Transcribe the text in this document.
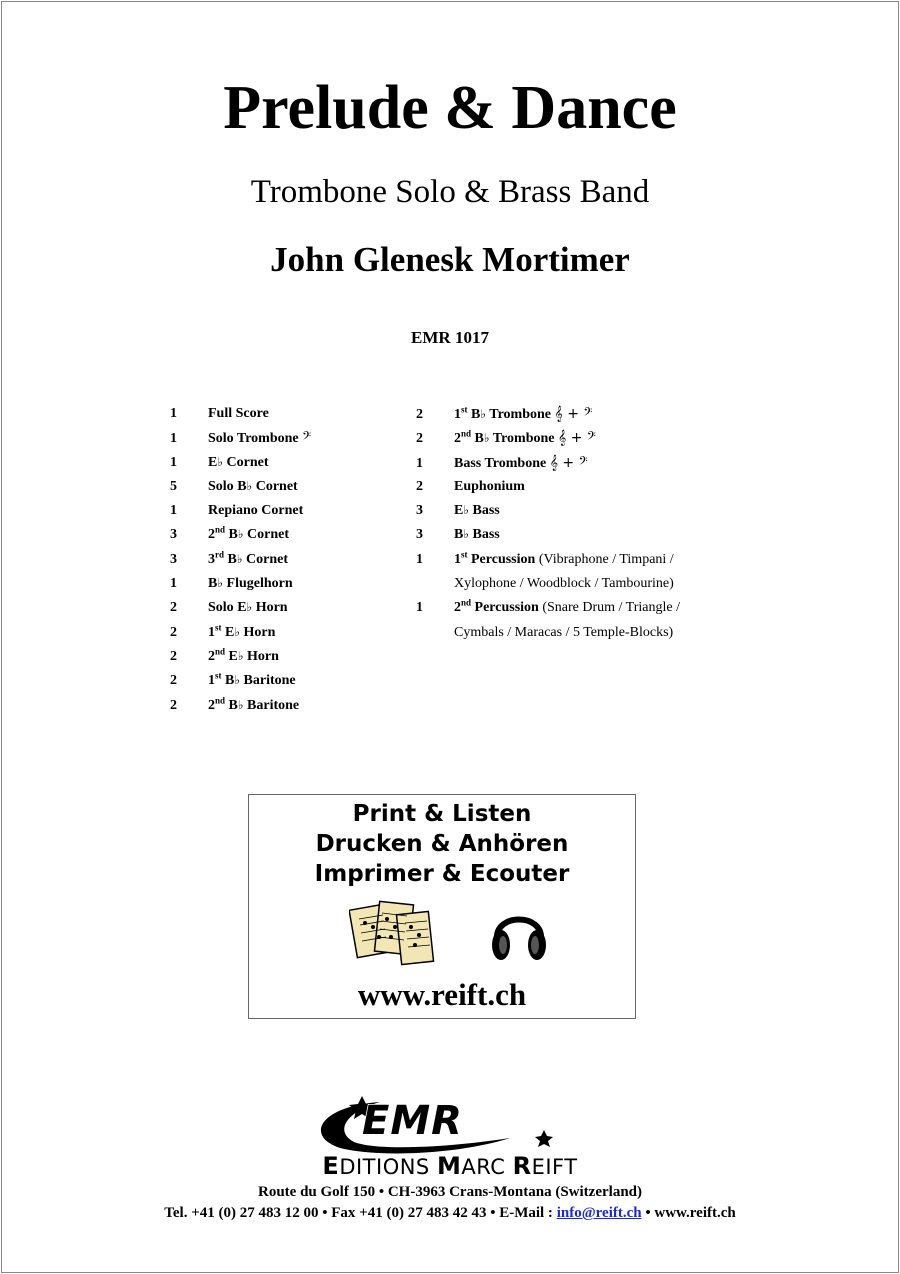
Prelude & Dance
Trombone Solo & Brass Band
John Glenesk Mortimer
EMR 1017
1	Full Score
1	Solo Trombone 𝄢
1	E♭ Cornet
5	Solo B♭ Cornet
1	Repiano Cornet
3	2nd B♭ Cornet
3	3rd B♭ Cornet
1	B♭ Flugelhorn
2	Solo E♭ Horn
2	1st E♭ Horn
2	2nd E♭ Horn
2	1st B♭ Baritone
2	2nd B♭ Baritone
2	1st B♭ Trombone 𝄞 + 𝄢
2	2nd B♭ Trombone 𝄞 + 𝄢
1	Bass Trombone 𝄞 + 𝄢
2	Euphonium
3	E♭ Bass
3	B♭ Bass
1	1st Percussion (Vibraphone / Timpani /
Xylophone / Woodblock / Tambourine)
1	2nd Percussion (Snare Drum / Triangle /
Cymbals / Maracas / 5 Temple-Blocks)
Print & Listen
Drucken & Anhören
Imprimer & Ecouter
www.reift.ch
EMR
EDITIONS MARC REIFT
Route du Golf 150 • CH-3963 Crans-Montana (Switzerland)
Tel. +41 (0) 27 483 12 00 • Fax +41 (0) 27 483 42 43 • E-Mail : info@reift.ch • www.reift.ch
